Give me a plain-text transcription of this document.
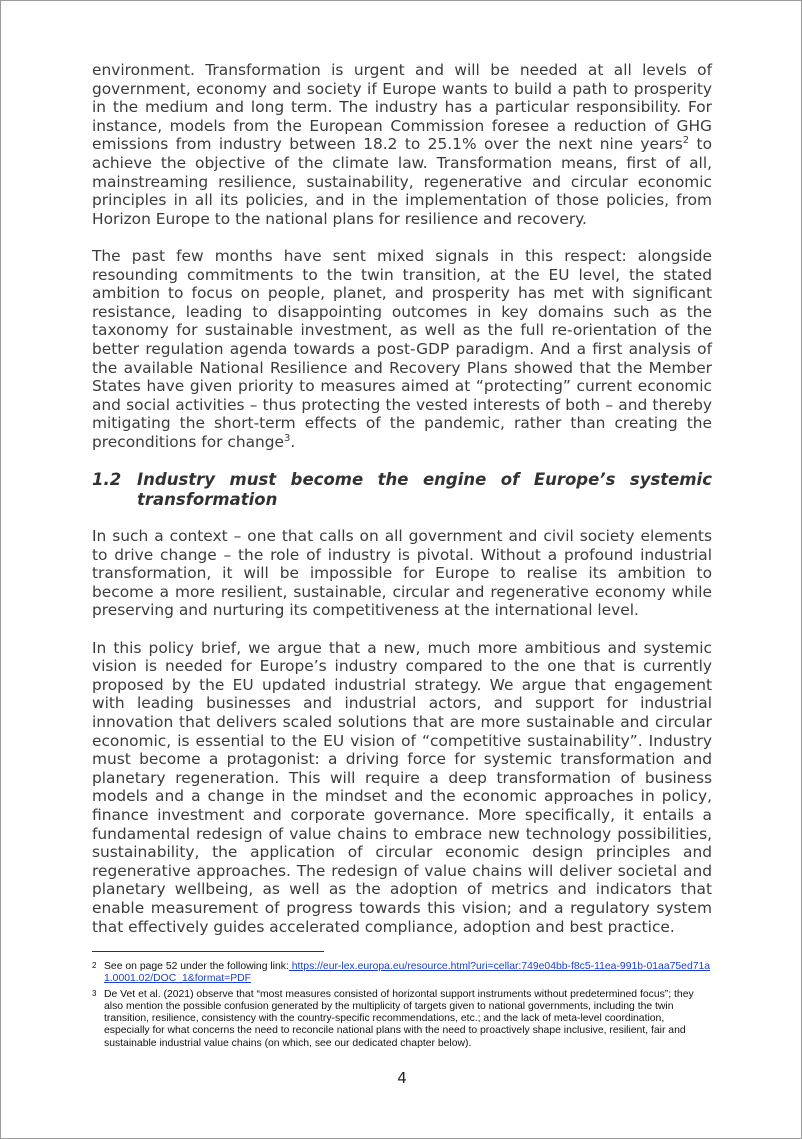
environment. Transformation is urgent and will be needed at all levels of government, economy and society if Europe wants to build a path to prosperity in the medium and long term. The industry has a particular responsibility. For instance, models from the European Commission foresee a reduction of GHG emissions from industry between 18.2 to 25.1% over the next nine years$^2$ to achieve the objective of the climate law. Transformation means, first of all, mainstreaming resilience, sustainability, regenerative and circular economic principles in all its policies, and in the implementation of those policies, from Horizon Europe to the national plans for resilience and recovery.

The past few months have sent mixed signals in this respect: alongside resounding commitments to the twin transition, at the EU level, the stated ambition to focus on people, planet, and prosperity has met with significant resistance, leading to disappointing outcomes in key domains such as the taxonomy for sustainable investment, as well as the full re-orientation of the better regulation agenda towards a post-GDP paradigm. And a first analysis of the available National Resilience and Recovery Plans showed that the Member States have given priority to measures aimed at “protecting” current economic and social activities – thus protecting the vested interests of both – and thereby mitigating the short-term effects of the pandemic, rather than creating the preconditions for change$^3$.

1.2 Industry must become the engine of Europe’s systemic transformation

In such a context – one that calls on all government and civil society elements to drive change – the role of industry is pivotal. Without a profound industrial transformation, it will be impossible for Europe to realise its ambition to become a more resilient, sustainable, circular and regenerative economy while preserving and nurturing its competitiveness at the international level.

In this policy brief, we argue that a new, much more ambitious and systemic vision is needed for Europe’s industry compared to the one that is currently proposed by the EU updated industrial strategy. We argue that engagement with leading businesses and industrial actors, and support for industrial innovation that delivers scaled solutions that are more sustainable and circular economic, is essential to the EU vision of “competitive sustainability”. Industry must become a protagonist: a driving force for systemic transformation and planetary regeneration. This will require a deep transformation of business models and a change in the mindset and the economic approaches in policy, finance investment and corporate governance. More specifically, it entails a fundamental redesign of value chains to embrace new technology possibilities, sustainability, the application of circular economic design principles and regenerative approaches. The redesign of value chains will deliver societal and planetary wellbeing, as well as the adoption of metrics and indicators that enable measurement of progress towards this vision; and a regulatory system that effectively guides accelerated compliance, adoption and best practice.

2 See on page 52 under the following link: https://eur-lex.europa.eu/resource.html?uri=cellar:749e04bb-f8c5-11ea-991b-01aa75ed71a1.0001.02/DOC_1&format=PDF
3 De Vet et al. (2021) observe that “most measures consisted of horizontal support instruments without predetermined focus”; they also mention the possible confusion generated by the multiplicity of targets given to national governments, including the twin transition, resilience, consistency with the country-specific recommendations, etc.; and the lack of meta-level coordination, especially for what concerns the need to reconcile national plans with the need to proactively shape inclusive, resilient, fair and sustainable industrial value chains (on which, see our dedicated chapter below).
4
